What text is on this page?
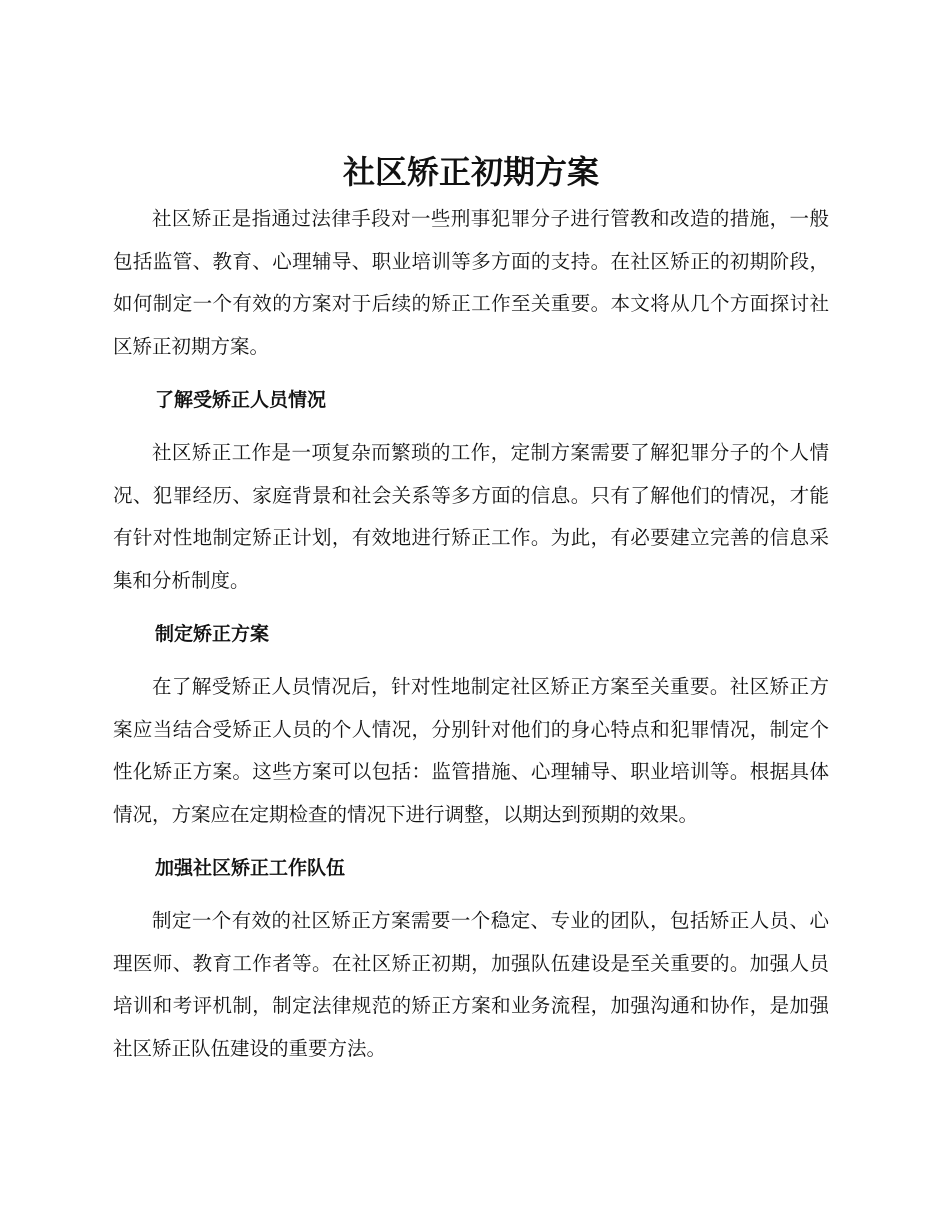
社区矫正初期方案

社区矫正是指通过法律手段对一些刑事犯罪分子进行管教和改造的措施，一般包括监管、教育、心理辅导、职业培训等多方面的支持。在社区矫正的初期阶段，如何制定一个有效的方案对于后续的矫正工作至关重要。本文将从几个方面探讨社区矫正初期方案。

了解受矫正人员情况

社区矫正工作是一项复杂而繁琐的工作，定制方案需要了解犯罪分子的个人情况、犯罪经历、家庭背景和社会关系等多方面的信息。只有了解他们的情况，才能有针对性地制定矫正计划，有效地进行矫正工作。为此，有必要建立完善的信息采集和分析制度。

制定矫正方案

在了解受矫正人员情况后，针对性地制定社区矫正方案至关重要。社区矫正方案应当结合受矫正人员的个人情况，分别针对他们的身心特点和犯罪情况，制定个性化矫正方案。这些方案可以包括：监管措施、心理辅导、职业培训等。根据具体情况，方案应在定期检查的情况下进行调整，以期达到预期的效果。

加强社区矫正工作队伍

制定一个有效的社区矫正方案需要一个稳定、专业的团队，包括矫正人员、心理医师、教育工作者等。在社区矫正初期，加强队伍建设是至关重要的。加强人员培训和考评机制，制定法律规范的矫正方案和业务流程，加强沟通和协作，是加强社区矫正队伍建设的重要方法。
